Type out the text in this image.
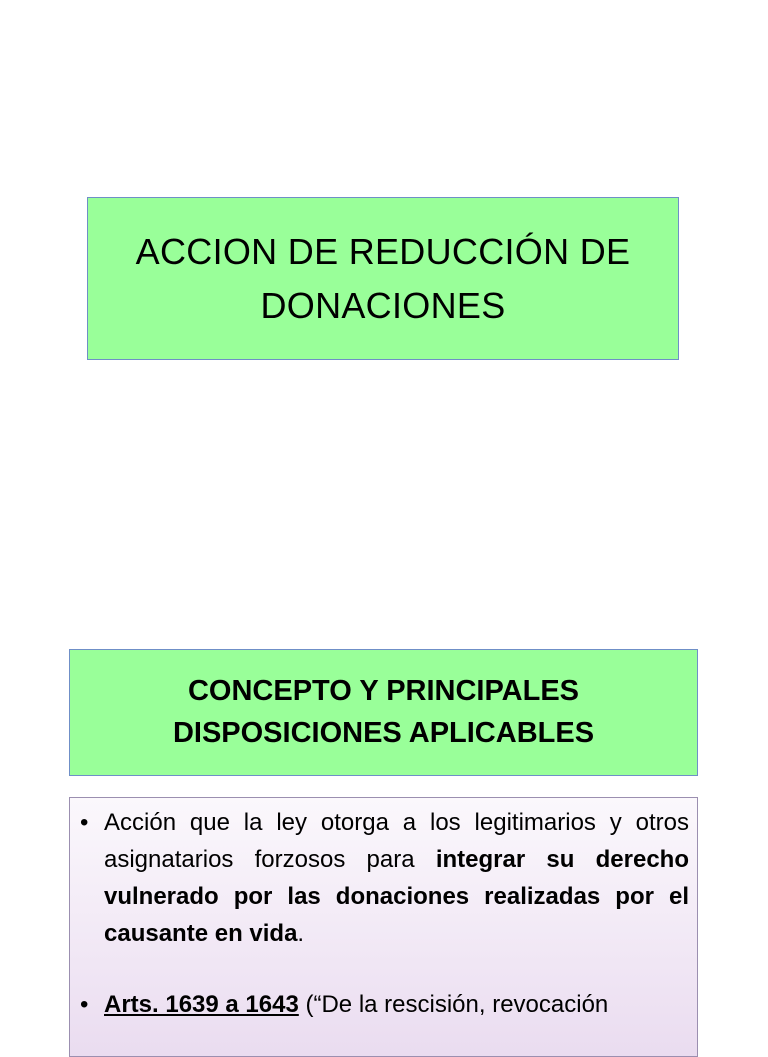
ACCION DE REDUCCIÓN DE
DONACIONES
CONCEPTO Y PRINCIPALES
DISPOSICIONES APLICABLES
• Acción que la ley otorga a los legitimarios y otros asignatarios forzosos para integrar su derecho vulnerado por las donaciones realizadas por el causante en vida.
• Arts. 1639 a 1643 (“De la rescisión, revocación
